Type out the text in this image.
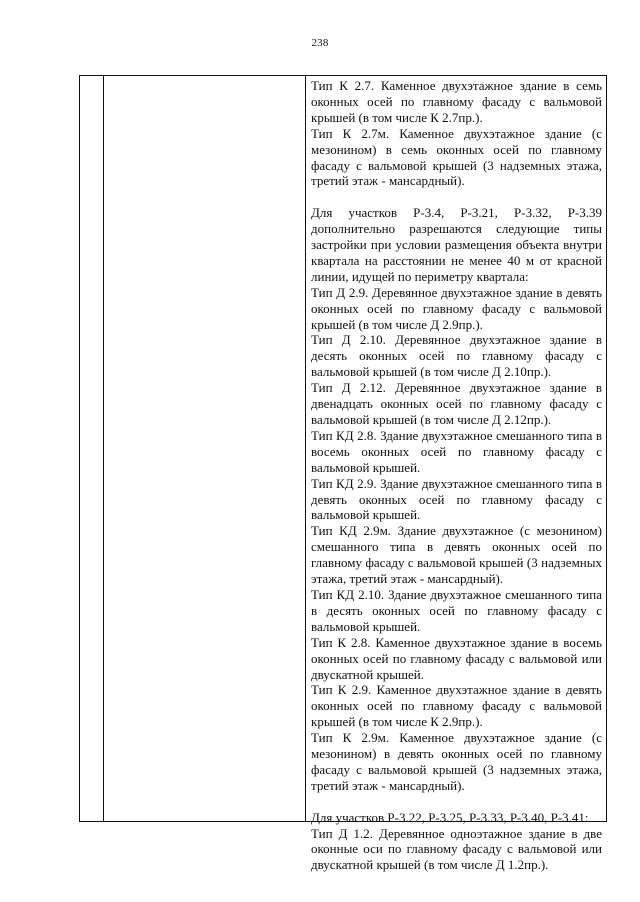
238

Тип К 2.7. Каменное двухэтажное здание в семь оконных осей по главному фасаду с вальмовой крышей (в том числе К 2.7пр.).

Тип К 2.7м. Каменное двухэтажное здание (с мезонином) в семь оконных осей по главному фасаду с вальмовой крышей (3 надземных этажа, третий этаж - мансардный).

Для участков Р-3.4, Р-3.21, Р-3.32, Р-3.39 дополнительно разрешаются следующие типы застройки при условии размещения объекта внутри квартала на расстоянии не менее 40 м от красной линии, идущей по периметру квартала:

Тип Д 2.9. Деревянное двухэтажное здание в девять оконных осей по главному фасаду с вальмовой крышей (в том числе Д 2.9пр.).

Тип Д 2.10. Деревянное двухэтажное здание в десять оконных осей по главному фасаду с вальмовой крышей (в том числе Д 2.10пр.).

Тип Д 2.12. Деревянное двухэтажное здание в двенадцать оконных осей по главному фасаду с вальмовой крышей (в том числе Д 2.12пр.).

Тип КД 2.8. Здание двухэтажное смешанного типа в восемь оконных осей по главному фасаду с вальмовой крышей.

Тип КД 2.9. Здание двухэтажное смешанного типа в девять оконных осей по главному фасаду с вальмовой крышей.

Тип КД 2.9м. Здание двухэтажное (с мезонином) смешанного типа в девять оконных осей по главному фасаду с вальмовой крышей (3 надземных этажа, третий этаж - мансардный).

Тип КД 2.10. Здание двухэтажное смешанного типа в десять оконных осей по главному фасаду с вальмовой крышей.

Тип К 2.8. Каменное двухэтажное здание в восемь оконных осей по главному фасаду с вальмовой или двускатной крышей.

Тип К 2.9. Каменное двухэтажное здание в девять оконных осей по главному фасаду с вальмовой крышей (в том числе К 2.9пр.).

Тип К 2.9м. Каменное двухэтажное здание (с мезонином) в девять оконных осей по главному фасаду с вальмовой крышей (3 надземных этажа, третий этаж - мансардный).

Для участков Р-3.22, Р-3.25, Р-3.33, Р-3.40, Р-3.41:

Тип Д 1.2. Деревянное одноэтажное здание в две оконные оси по главному фасаду с вальмовой или двускатной крышей (в том числе Д 1.2пр.).
